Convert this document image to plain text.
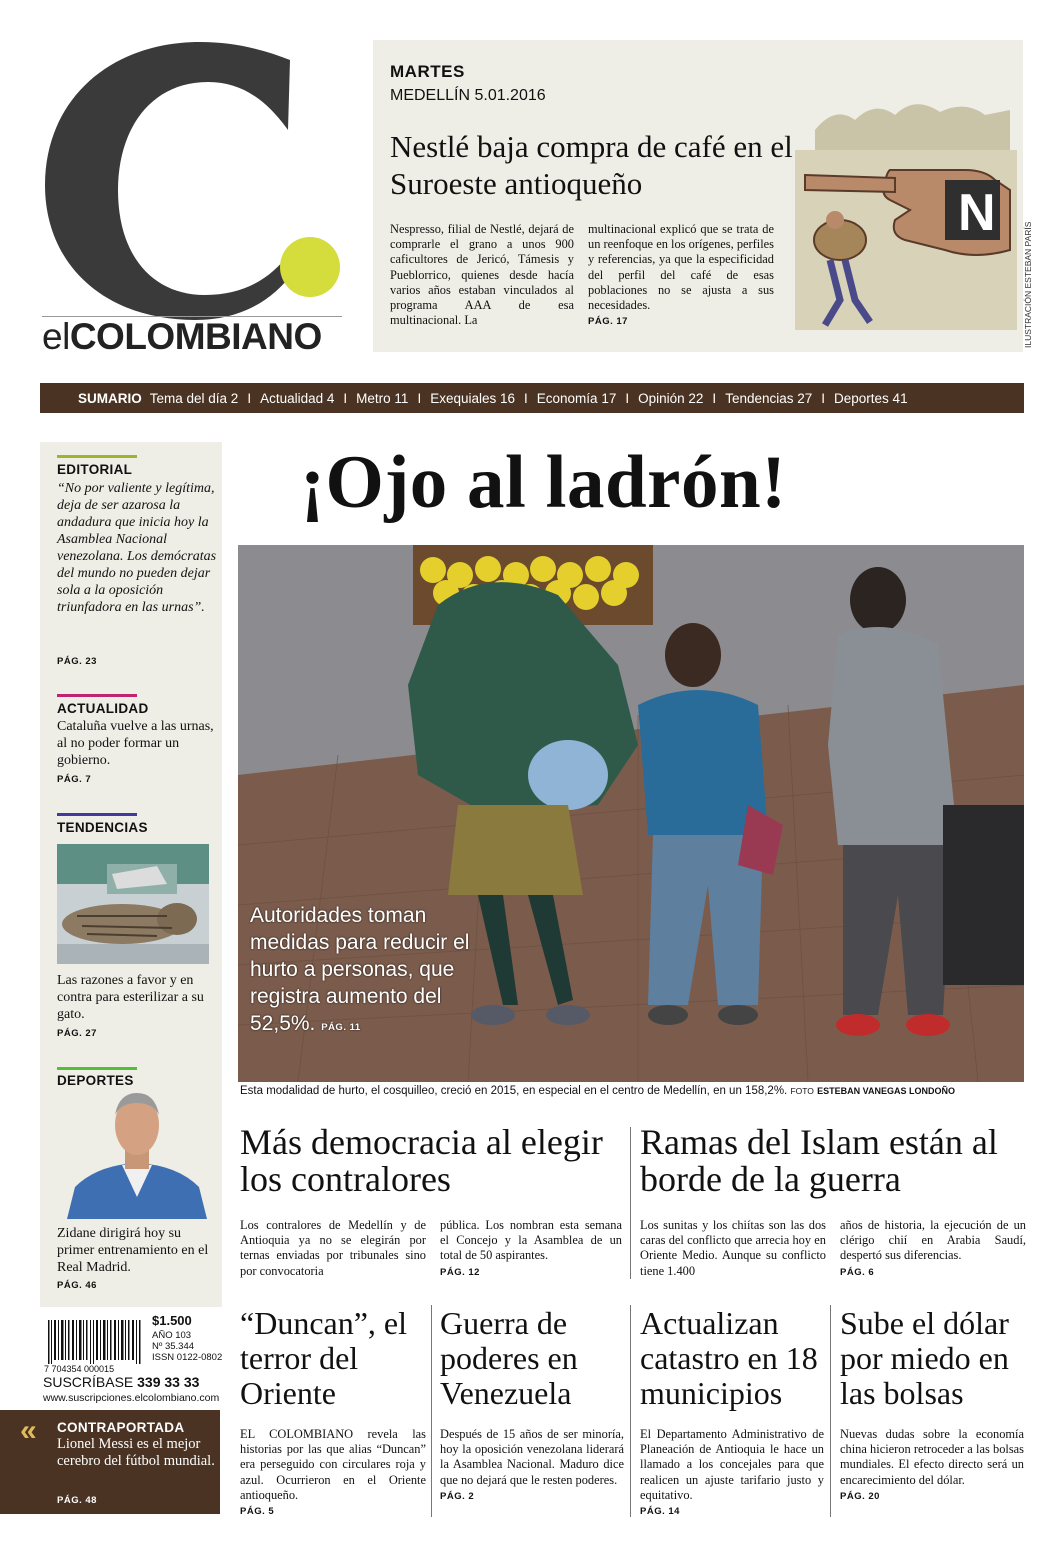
elCOLOMBIANO
MARTES
MEDELLÍN 5.01.2016
Nestlé baja compra de café en el Suroeste antioqueño
Nespresso, filial de Nestlé, dejará de comprarle el grano a unos 900 caficultores de Jericó, Támesis y Pueblorrico, quienes desde hacía varios años estaban vinculados al programa AAA de esa multinacional. La
multinacional explicó que se trata de un reenfoque en los orígenes, perfiles y referencias, ya que la especificidad del perfil del café de esas poblaciones no se ajusta a sus necesidades.
PÁG. 17
N
ILUSTRACIÓN ESTEBAN PARÍS
SUMARIO Tema del día 2 I Actualidad 4 I Metro 11 I Exequiales 16 I Economía 17 I Opinión 22 I Tendencias 27 I Deportes 41
EDITORIAL
“No por valiente y legítima, deja de ser azarosa la andadura que inicia hoy la Asamblea Nacional venezolana. Los demócratas del mundo no pueden dejar sola a la oposición triunfadora en las urnas”.
PÁG. 23
ACTUALIDAD
Cataluña vuelve a las urnas, al no poder formar un gobierno.
PÁG. 7
TENDENCIAS
Las razones a favor y en contra para esterilizar a su gato.
PÁG. 27
DEPORTES
Zidane dirigirá hoy su primer entrenamiento en el Real Madrid.
PÁG. 46
7 704354 000015
$1.500
AÑO 103
Nº 35.344
ISSN 0122-0802
SUSCRÍBASE 339 33 33
www.suscripciones.elcolombiano.com
« CONTRAPORTADA
Lionel Messi es el mejor cerebro del fútbol mundial.
PÁG. 48
¡Ojo al ladrón!
Autoridades toman medidas para reducir el hurto a personas, que registra aumento del 52,5%. PÁG. 11
Esta modalidad de hurto, el cosquilleo, creció en 2015, en especial en el centro de Medellín, en un 158,2%. FOTO ESTEBAN VANEGAS LONDOÑO
Más democracia al elegir los contralores
Los contralores de Medellín y de Antioquia ya no se elegirán por ternas enviadas por tribunales sino por convocatoria
pública. Los nombran esta semana el Concejo y la Asamblea de un total de 50 aspirantes.
PÁG. 12
Ramas del Islam están al borde de la guerra
Los sunitas y los chiítas son las dos caras del conflicto que arrecia hoy en Oriente Medio. Aunque su conflicto tiene 1.400
años de historia, la ejecución de un clérigo chií en Arabia Saudí, despertó sus diferencias.
PÁG. 6
“Duncan”, el terror del Oriente
EL COLOMBIANO revela las historias por las que alias “Duncan” era perseguido con circulares roja y azul. Ocurrieron en el Oriente antioqueño.
PÁG. 5
Guerra de poderes en Venezuela
Después de 15 años de ser minoría, hoy la oposición venezolana liderará la Asamblea Nacional. Maduro dice que no dejará que le resten poderes.
PÁG. 2
Actualizan catastro en 18 municipios
El Departamento Administrativo de Planeación de Antioquia le hace un llamado a los concejales para que realicen un ajuste tarifario justo y equitativo.
PÁG. 14
Sube el dólar por miedo en las bolsas
Nuevas dudas sobre la economía china hicieron retroceder a las bolsas mundiales. El efecto directo será un encarecimiento del dólar.
PÁG. 20
